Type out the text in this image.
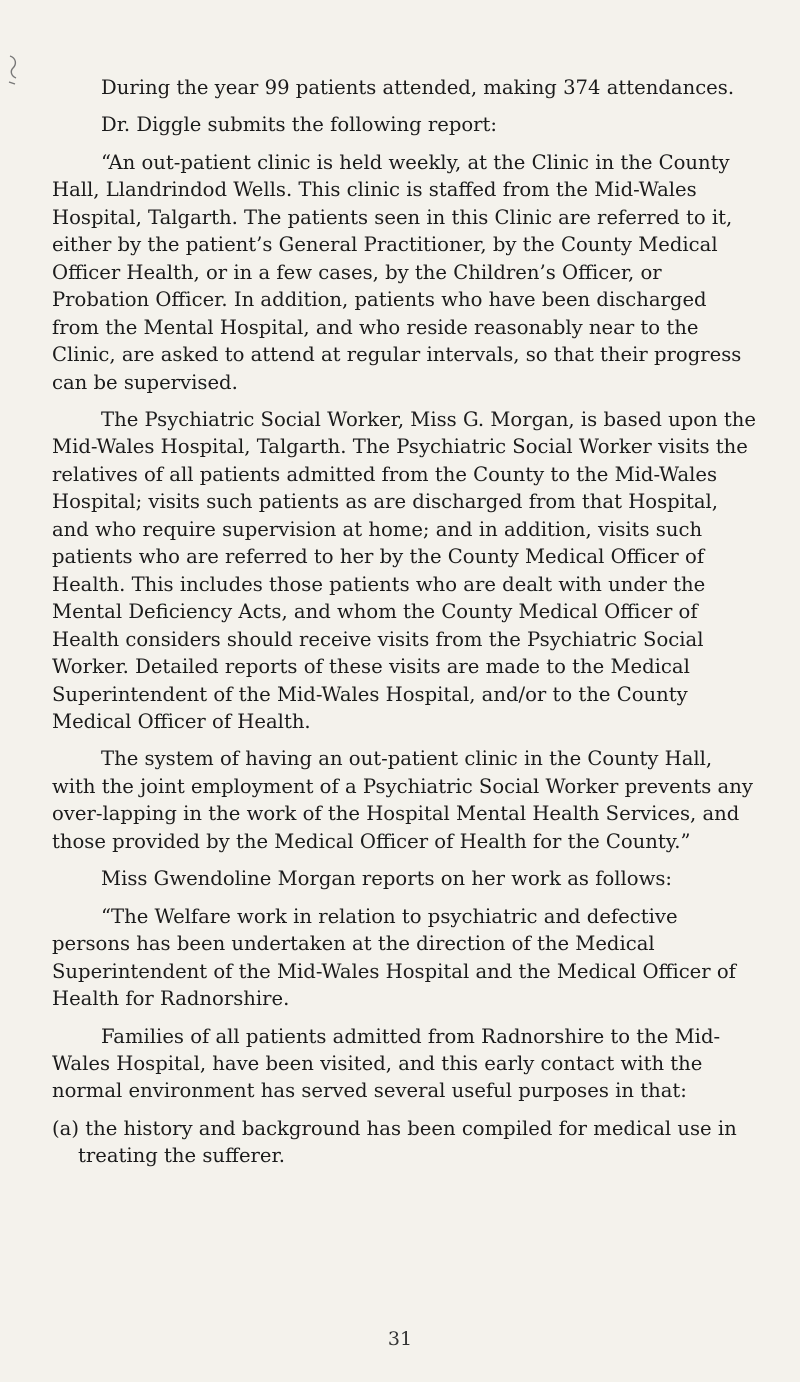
During the year 99 patients attended, making 374 attendances.

Dr. Diggle submits the following report:

“An out-patient clinic is held weekly, at the Clinic in the County Hall, Llandrindod Wells. This clinic is staffed from the Mid-Wales Hospital, Talgarth. The patients seen in this Clinic are referred to it, either by the patient’s General Practitioner, by the County Medical Officer Health, or in a few cases, by the Children’s Officer, or Probation Officer. In addition, patients who have been discharged from the Mental Hospital, and who reside reasonably near to the Clinic, are asked to attend at regular intervals, so that their progress can be supervised.

The Psychiatric Social Worker, Miss G. Morgan, is based upon the Mid-Wales Hospital, Talgarth. The Psychiatric Social Worker visits the relatives of all patients admitted from the County to the Mid-Wales Hospital; visits such patients as are discharged from that Hospital, and who require supervision at home; and in addition, visits such patients who are referred to her by the County Medical Officer of Health. This includes those patients who are dealt with under the Mental Deficiency Acts, and whom the County Medical Officer of Health considers should receive visits from the Psychiatric Social Worker. Detailed reports of these visits are made to the Medical Superintendent of the Mid-Wales Hospital, and/or to the County Medical Officer of Health.

The system of having an out-patient clinic in the County Hall, with the joint employment of a Psychiatric Social Worker prevents any over-lapping in the work of the Hospital Mental Health Services, and those provided by the Medical Officer of Health for the County.”

Miss Gwendoline Morgan reports on her work as follows:

“The Welfare work in relation to psychiatric and defective persons has been undertaken at the direction of the Medical Superintendent of the Mid-Wales Hospital and the Medical Officer of Health for Radnorshire.

Families of all patients admitted from Radnorshire to the Mid-Wales Hospital, have been visited, and this early contact with the normal environment has served several useful purposes in that:

(a) the history and background has been compiled for medical use in treating the sufferer.

31
